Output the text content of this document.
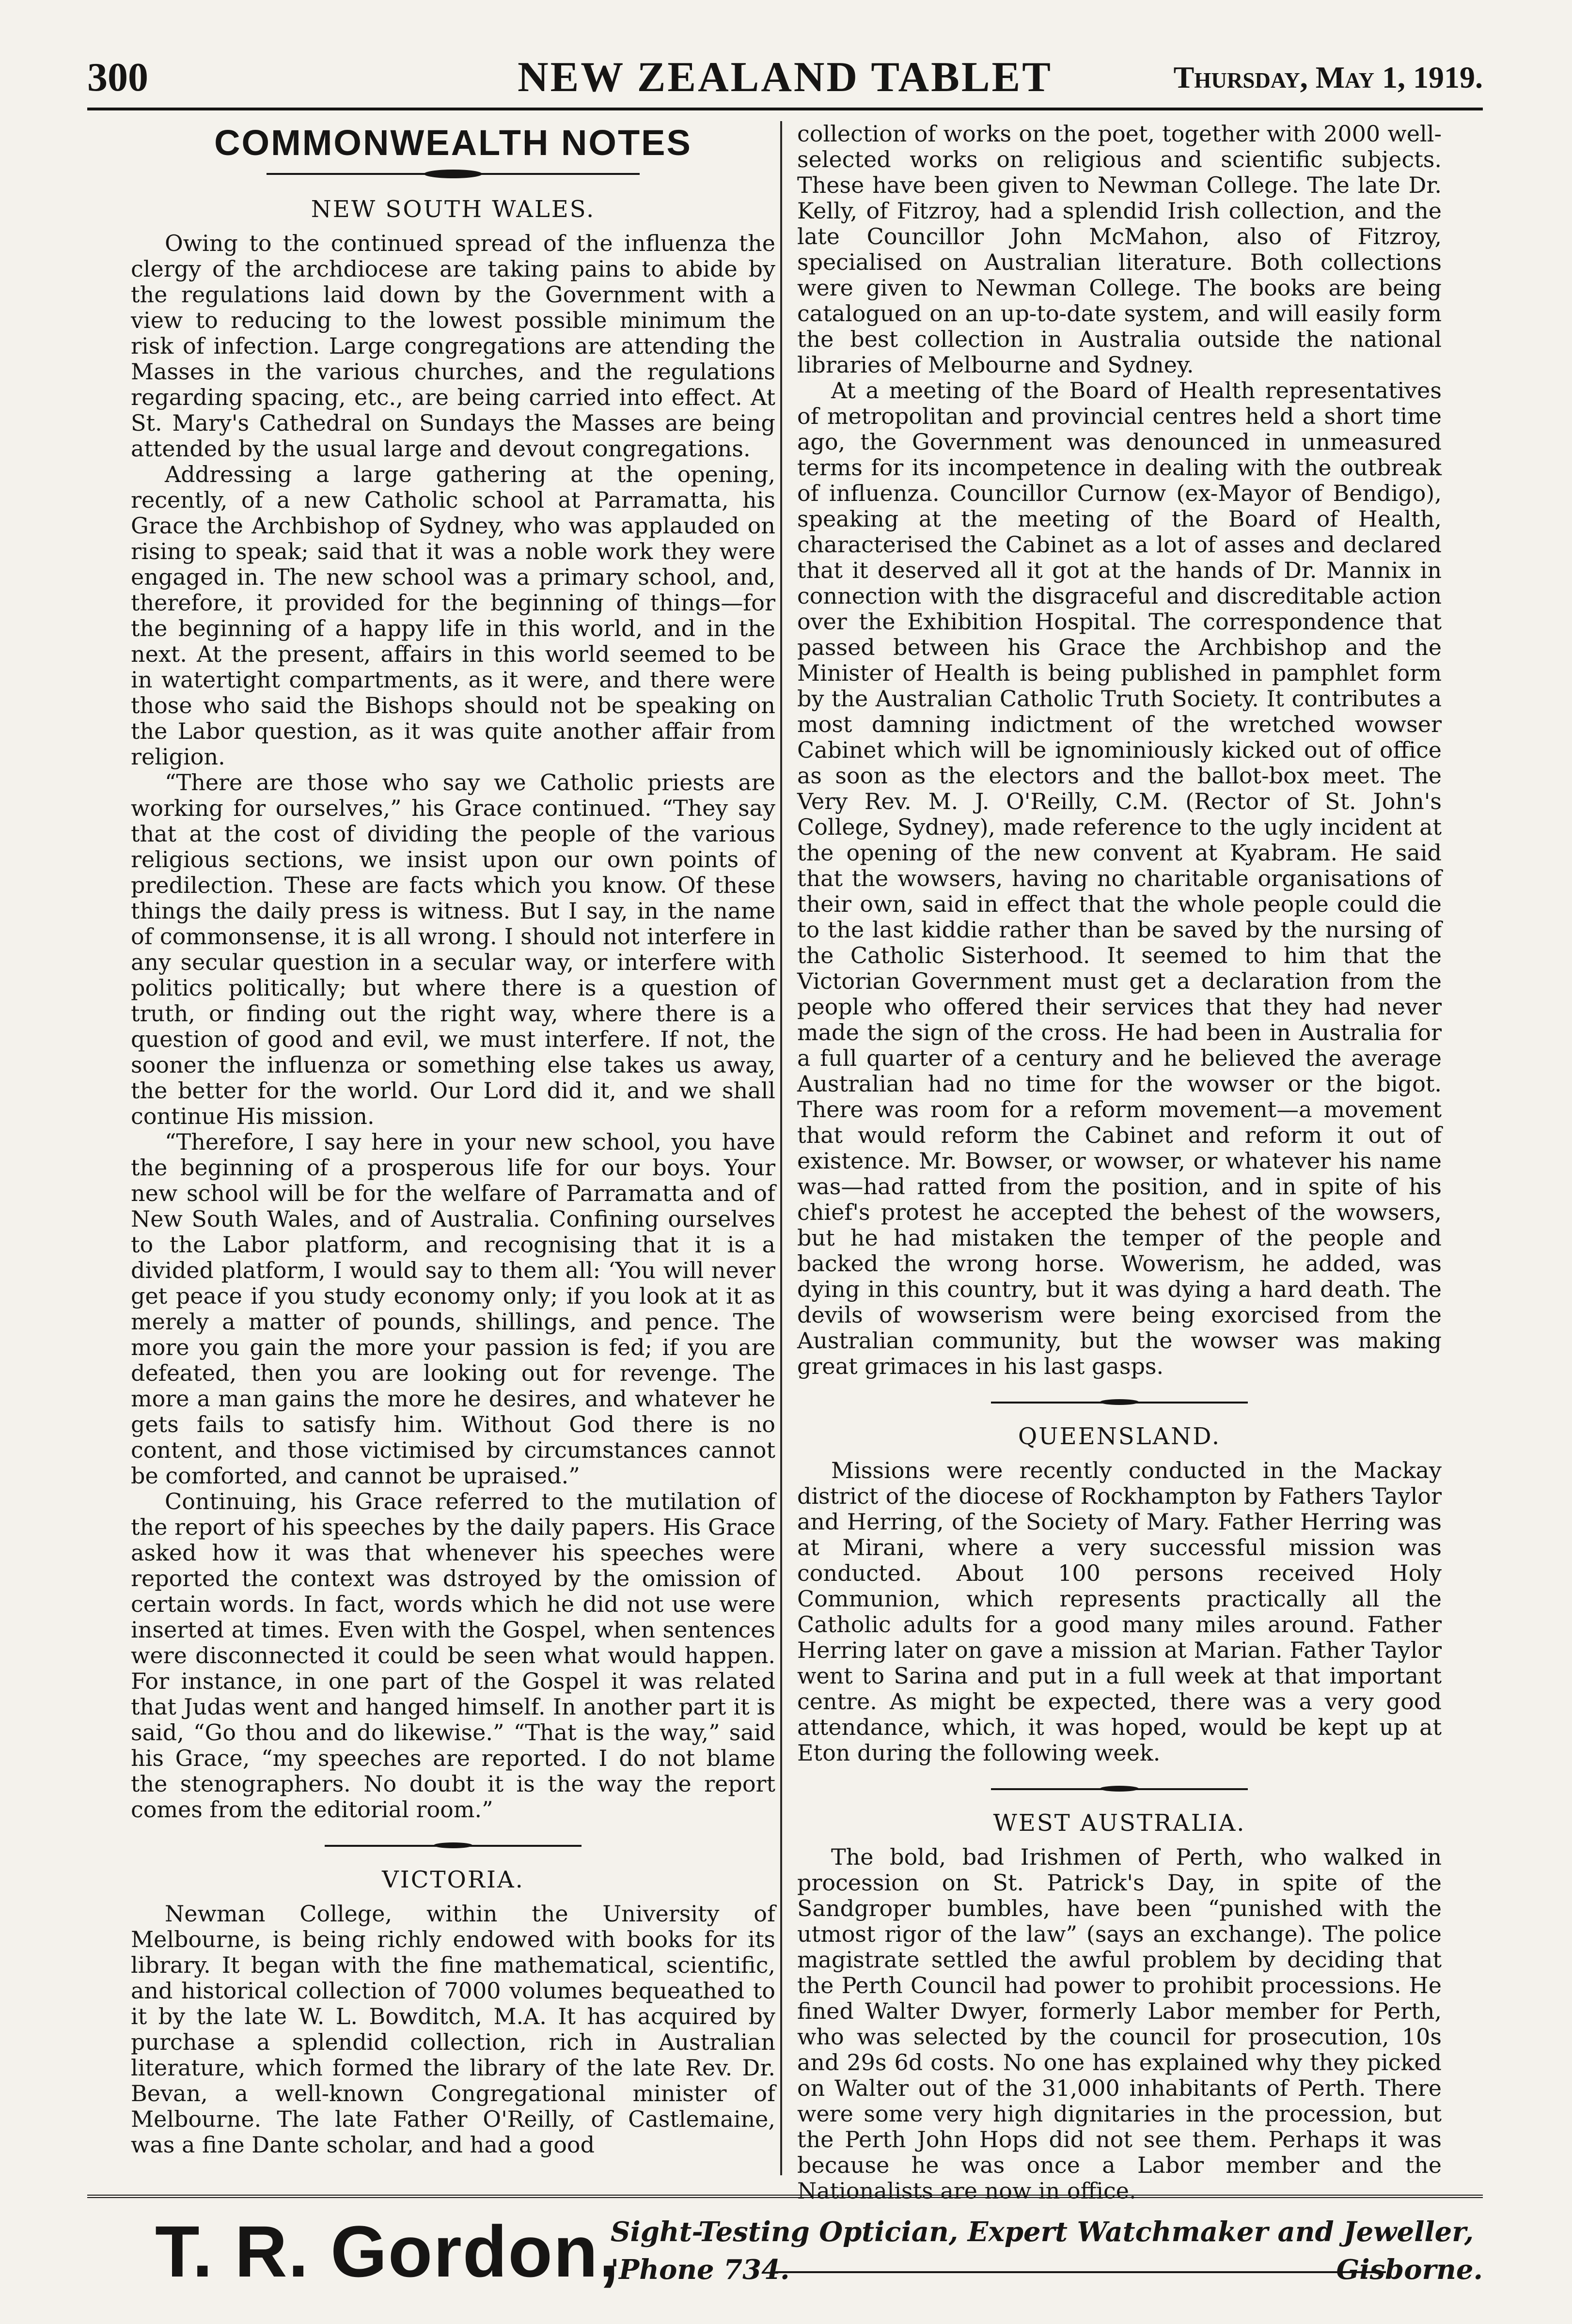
300	NEW ZEALAND TABLET	Thursday, May 1, 1919.
COMMONWEALTH NOTES
NEW SOUTH WALES.

Owing to the continued spread of the influenza the clergy of the archdiocese are taking pains to abide by the regulations laid down by the Government with a view to reducing to the lowest possible minimum the risk of infection. Large congregations are attending the Masses in the various churches, and the regulations regarding spacing, etc., are being carried into effect. At St. Mary's Cathedral on Sundays the Masses are being attended by the usual large and devout congregations.

Addressing a large gathering at the opening, recently, of a new Catholic school at Parramatta, his Grace the Archbishop of Sydney, who was applauded on rising to speak; said that it was a noble work they were engaged in. The new school was a primary school, and, therefore, it provided for the beginning of things—for the beginning of a happy life in this world, and in the next. At the present, affairs in this world seemed to be in watertight compartments, as it were, and there were those who said the Bishops should not be speaking on the Labor question, as it was quite another affair from religion.

“There are those who say we Catholic priests are working for ourselves,” his Grace continued. “They say that at the cost of dividing the people of the various religious sections, we insist upon our own points of predilection. These are facts which you know. Of these things the daily press is witness. But I say, in the name of commonsense, it is all wrong. I should not interfere in any secular question in a secular way, or interfere with politics politically; but where there is a question of truth, or finding out the right way, where there is a question of good and evil, we must interfere. If not, the sooner the influenza or something else takes us away, the better for the world. Our Lord did it, and we shall continue His mission.

“Therefore, I say here in your new school, you have the beginning of a prosperous life for our boys. Your new school will be for the welfare of Parramatta and of New South Wales, and of Australia. Confining ourselves to the Labor platform, and recognising that it is a divided platform, I would say to them all: ‘You will never get peace if you study economy only; if you look at it as merely a matter of pounds, shillings, and pence. The more you gain the more your passion is fed; if you are defeated, then you are looking out for revenge. The more a man gains the more he desires, and whatever he gets fails to satisfy him. Without God there is no content, and those victimised by circumstances cannot be comforted, and cannot be upraised.”

Continuing, his Grace referred to the mutilation of the report of his speeches by the daily papers. His Grace asked how it was that whenever his speeches were reported the context was dstroyed by the omission of certain words. In fact, words which he did not use were inserted at times. Even with the Gospel, when sentences were disconnected it could be seen what would happen. For instance, in one part of the Gospel it was related that Judas went and hanged himself. In another part it is said, “Go thou and do likewise.” “That is the way,” said his Grace, “my speeches are reported. I do not blame the stenographers. No doubt it is the way the report comes from the editorial room.”

VICTORIA.

Newman College, within the University of Melbourne, is being richly endowed with books for its library. It began with the fine mathematical, scientific, and historical collection of 7000 volumes bequeathed to it by the late W. L. Bowditch, M.A. It has acquired by purchase a splendid collection, rich in Australian literature, which formed the library of the late Rev. Dr. Bevan, a well-known Congregational minister of Melbourne. The late Father O'Reilly, of Castlemaine, was a fine Dante scholar, and had a good

collection of works on the poet, together with 2000 well-selected works on religious and scientific subjects. These have been given to Newman College. The late Dr. Kelly, of Fitzroy, had a splendid Irish collection, and the late Councillor John McMahon, also of Fitzroy, specialised on Australian literature. Both collections were given to Newman College. The books are being catalogued on an up-to-date system, and will easily form the best collection in Australia outside the national libraries of Melbourne and Sydney.

At a meeting of the Board of Health representatives of metropolitan and provincial centres held a short time ago, the Government was denounced in unmeasured terms for its incompetence in dealing with the outbreak of influenza. Councillor Curnow (ex-Mayor of Bendigo), speaking at the meeting of the Board of Health, characterised the Cabinet as a lot of asses and declared that it deserved all it got at the hands of Dr. Mannix in connection with the disgraceful and discreditable action over the Exhibition Hospital. The correspondence that passed between his Grace the Archbishop and the Minister of Health is being published in pamphlet form by the Australian Catholic Truth Society. It contributes a most damning indictment of the wretched wowser Cabinet which will be ignominiously kicked out of office as soon as the electors and the ballot-box meet. The Very Rev. M. J. O'Reilly, C.M. (Rector of St. John's College, Sydney), made reference to the ugly incident at the opening of the new convent at Kyabram. He said that the wowsers, having no charitable organisations of their own, said in effect that the whole people could die to the last kiddie rather than be saved by the nursing of the Catholic Sisterhood. It seemed to him that the Victorian Government must get a declaration from the people who offered their services that they had never made the sign of the cross. He had been in Australia for a full quarter of a century and he believed the average Australian had no time for the wowser or the bigot. There was room for a reform movement—a movement that would reform the Cabinet and reform it out of existence. Mr. Bowser, or wowser, or whatever his name was—had ratted from the position, and in spite of his chief's protest he accepted the behest of the wowsers, but he had mistaken the temper of the people and backed the wrong horse. Wowerism, he added, was dying in this country, but it was dying a hard death. The devils of wowserism were being exorcised from the Australian community, but the wowser was making great grimaces in his last gasps.

QUEENSLAND.

Missions were recently conducted in the Mackay district of the diocese of Rockhampton by Fathers Taylor and Herring, of the Society of Mary. Father Herring was at Mirani, where a very successful mission was conducted. About 100 persons received Holy Communion, which represents practically all the Catholic adults for a good many miles around. Father Herring later on gave a mission at Marian. Father Taylor went to Sarina and put in a full week at that important centre. As might be expected, there was a very good attendance, which, it was hoped, would be kept up at Eton during the following week.

WEST AUSTRALIA.

The bold, bad Irishmen of Perth, who walked in procession on St. Patrick's Day, in spite of the Sandgroper bumbles, have been “punished with the utmost rigor of the law” (says an exchange). The police magistrate settled the awful problem by deciding that the Perth Council had power to prohibit processions. He fined Walter Dwyer, formerly Labor member for Perth, who was selected by the council for prosecution, 10s and 29s 6d costs. No one has explained why they picked on Walter out of the 31,000 inhabitants of Perth. There were some very high dignitaries in the procession, but the Perth John Hops did not see them. Perhaps it was because he was once a Labor member and the Nationalists are now in office.

T. R. Gordon,
Sight-Testing Optician, Expert Watchmaker and Jeweller,
'Phone 734.	Gisborne.
